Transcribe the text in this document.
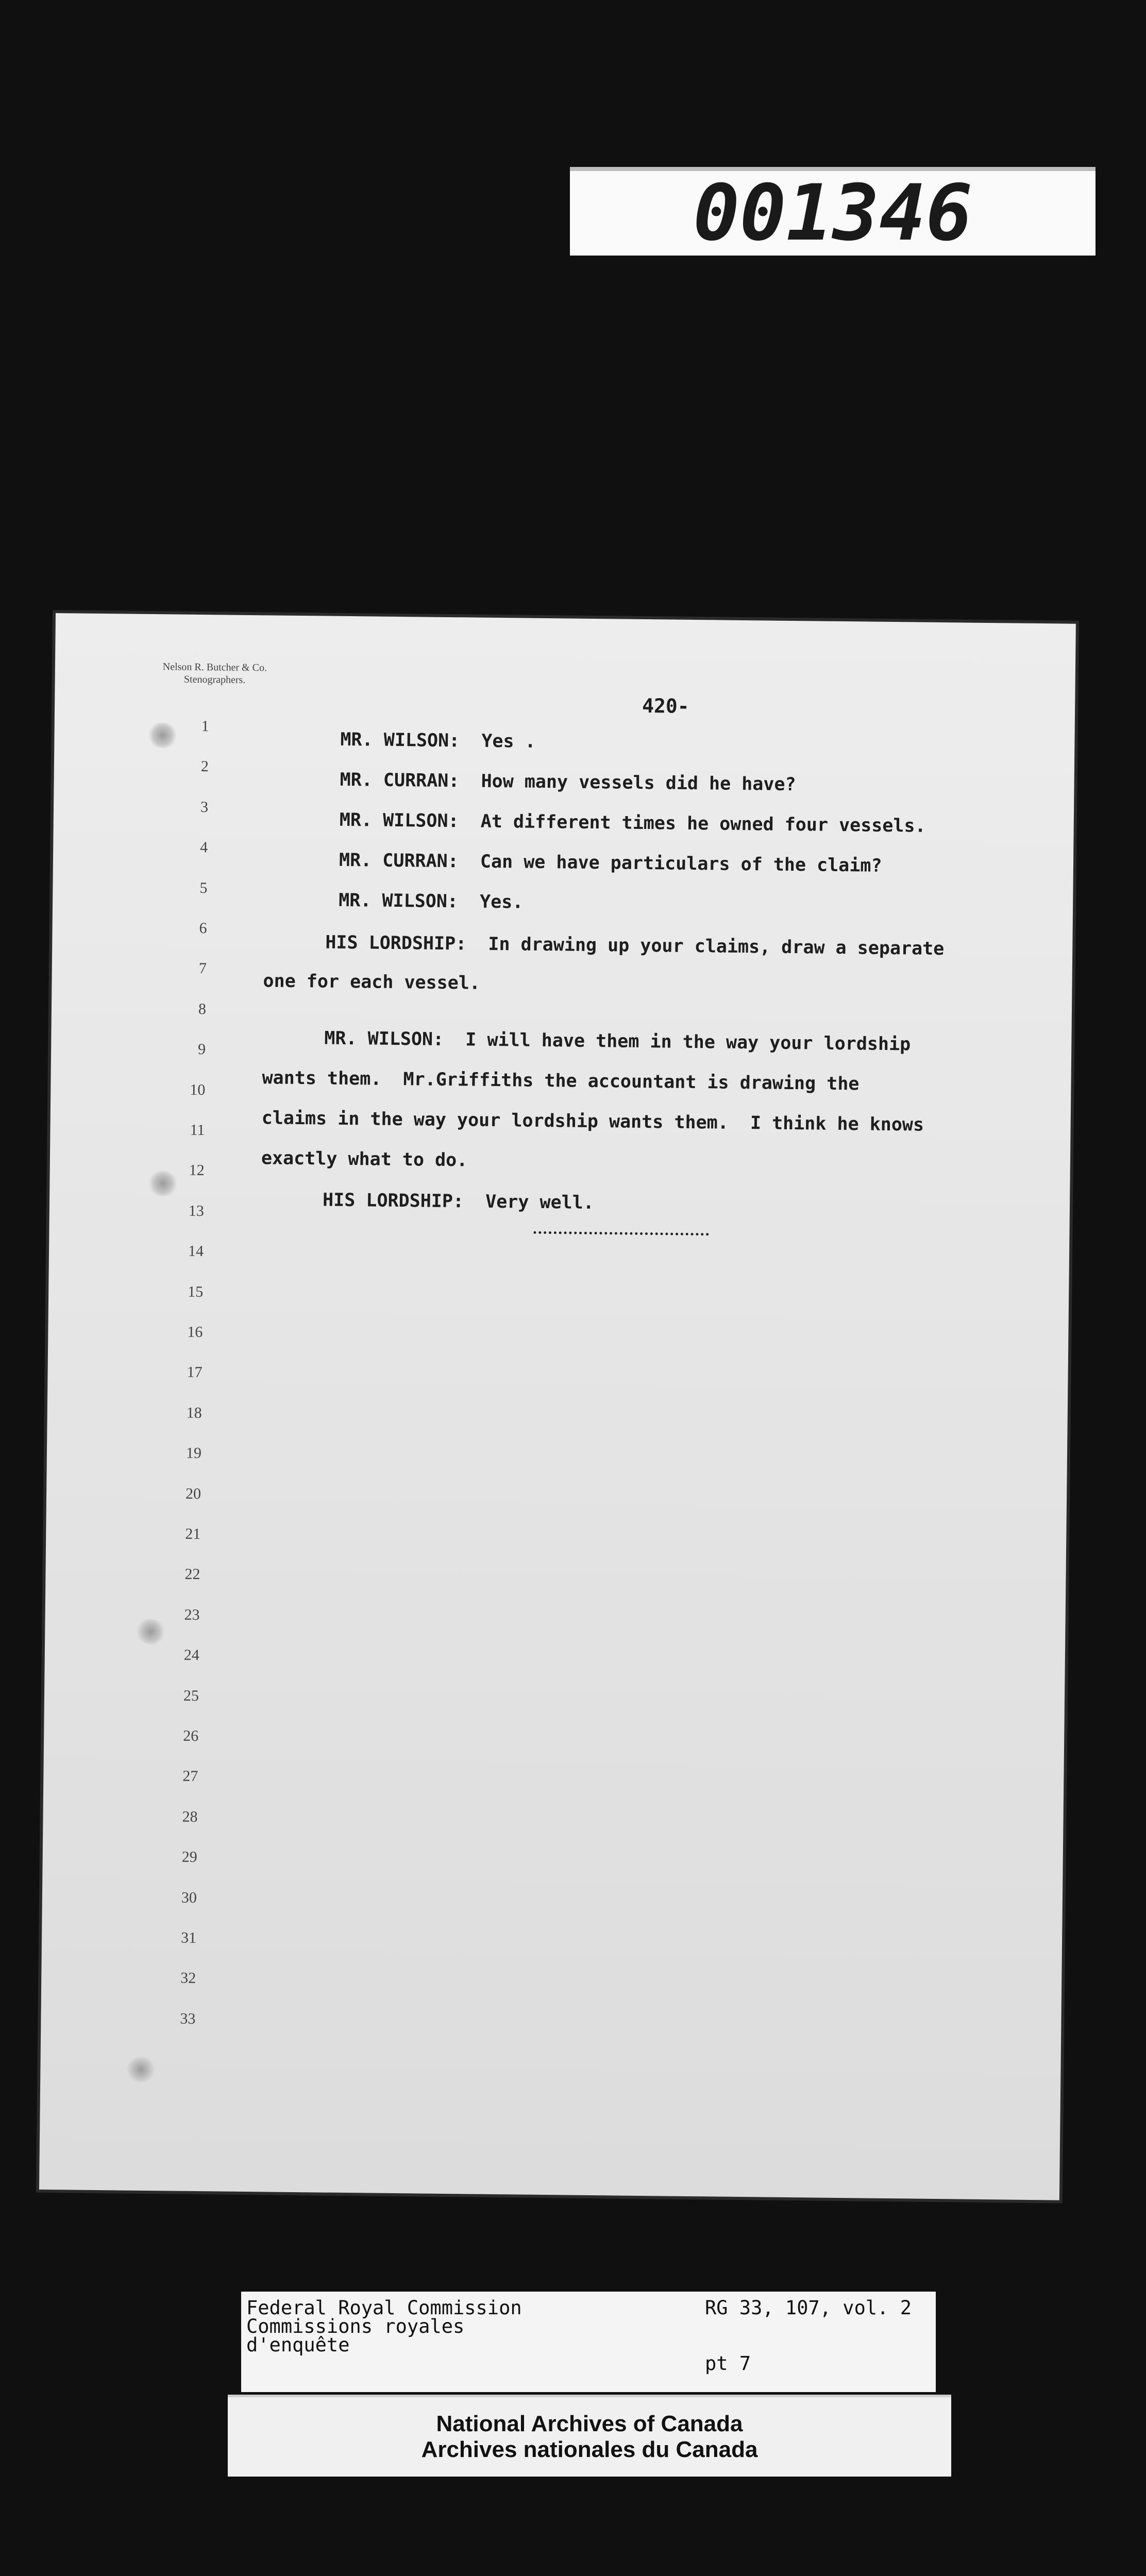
001346
Nelson R. Butcher & Co.
Stenographers.
420-
1
2
3
4
5
6
7
8
9
10
11
12
13
14
15
16
17
18
19
20
21
22
23
24
25
26
27
28
29
30
31
32
33
MR. WILSON:  Yes .
MR. CURRAN:  How many vessels did he have?
MR. WILSON:  At different times he owned four vessels.
MR. CURRAN:  Can we have particulars of the claim?
MR. WILSON:  Yes.
HIS LORDSHIP:  In drawing up your claims, draw a separate
one for each vessel.
MR. WILSON:  I will have them in the way your lordship
wants them.  Mr.Griffiths the accountant is drawing the
claims in the way your lordship wants them.  I think he knows
exactly what to do.
HIS LORDSHIP:  Very well.
Federal Royal Commission
Commissions royales
d'enquête
RG 33, 107, vol. 2
pt 7
National Archives of Canada
Archives nationales du Canada
